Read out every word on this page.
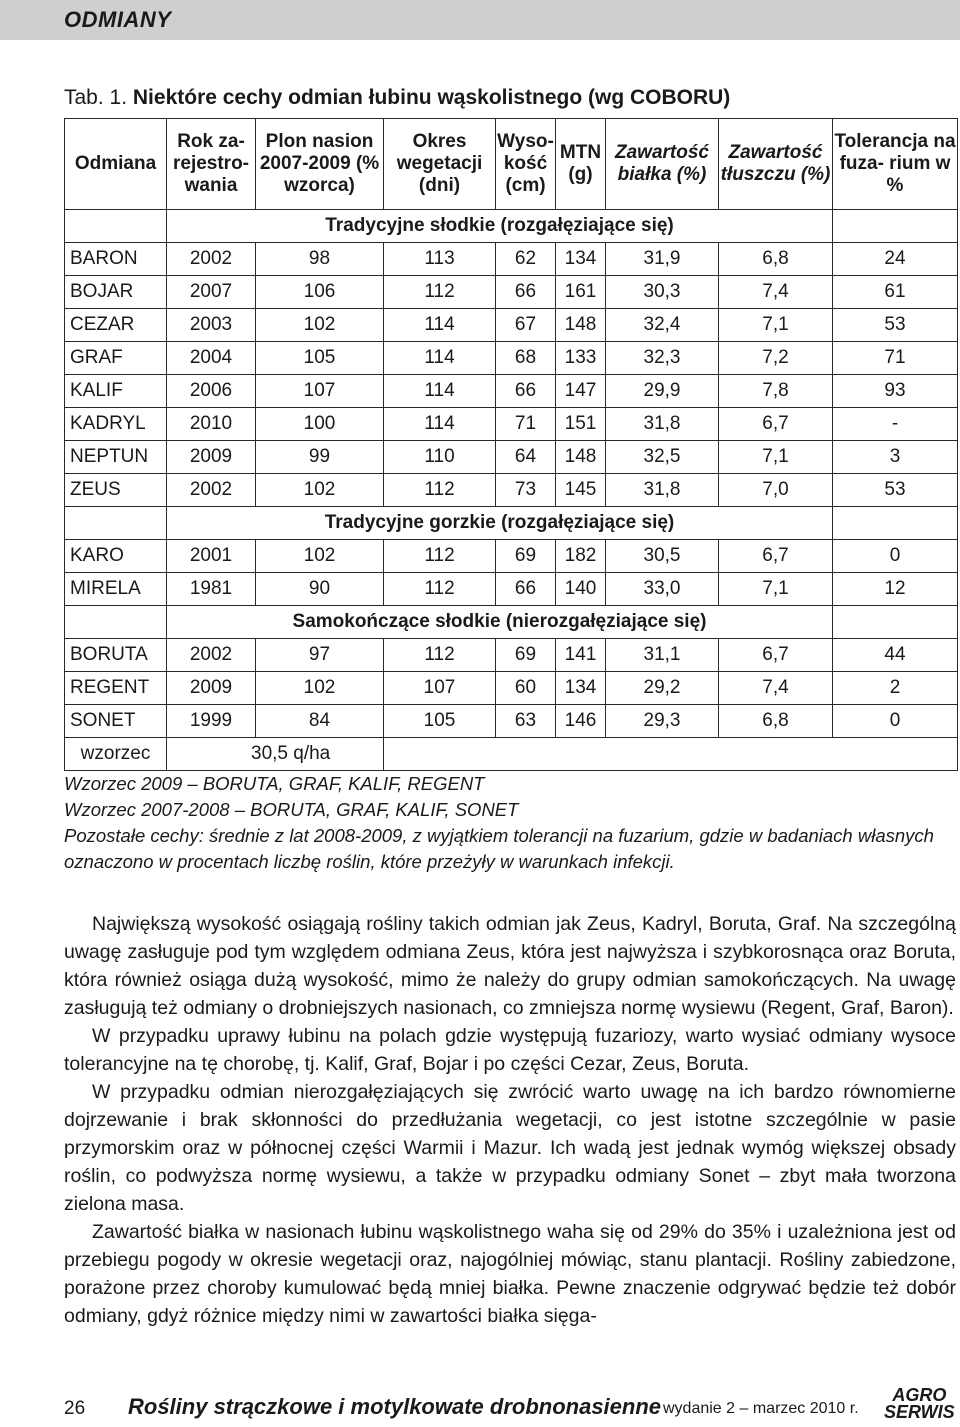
ODMIANY
Tab. 1. Niektóre cechy odmian łubinu wąskolistnego (wg COBORU)
Odmiana	Rok za- rejestro- wania	Plon nasion 2007-2009 (% wzorca)	Okres wegetacji (dni)	Wyso- kość (cm)	MTN (g)	Zawartość białka (%)	Zawartość tłuszczu (%)	Tolerancja na fuza- rium w %
	Tradycyjne słodkie (rozgałęziające się)							
BARON	2002	98	113	62	134	31,9	6,8	24
BOJAR	2007	106	112	66	161	30,3	7,4	61
CEZAR	2003	102	114	67	148	32,4	7,1	53
GRAF	2004	105	114	68	133	32,3	7,2	71
KALIF	2006	107	114	66	147	29,9	7,8	93
KADRYL	2010	100	114	71	151	31,8	6,7	-
NEPTUN	2009	99	110	64	148	32,5	7,1	3
ZEUS	2002	102	112	73	145	31,8	7,0	53
	Tradycyjne gorzkie (rozgałęziające się)							
KARO	2001	102	112	69	182	30,5	6,7	0
MIRELA	1981	90	112	66	140	33,0	7,1	12
	Samokończące słodkie (nierozgałęziające się)							
BORUTA	2002	97	112	69	141	31,1	6,7	44
REGENT	2009	102	107	60	134	29,2	7,4	2
SONET	1999	84	105	63	146	29,3	6,8	0
wzorzec	30,5 q/ha							
Wzorzec 2009 – BORUTA, GRAF, KALIF, REGENT
Wzorzec 2007-2008 – BORUTA, GRAF, KALIF, SONET
Pozostałe cechy: średnie z lat 2008-2009, z wyjątkiem tolerancji na fuzarium, gdzie w badaniach własnych oznaczono w procentach liczbę roślin, które przeżyły w warunkach infekcji.

Największą wysokość osiągają rośliny takich odmian jak Zeus, Kadryl, Boruta, Graf. Na szczególną uwagę zasługuje pod tym względem odmiana Zeus, która jest najwyższa i szybkorosnąca oraz Boruta, która również osiąga dużą wysokość, mimo że należy do grupy odmian samokończących. Na uwagę zasługują też odmiany o drobniejszych nasionach, co zmniejsza normę wysiewu (Regent, Graf, Baron).

W przypadku uprawy łubinu na polach gdzie występują fuzariozy, warto wysiać odmiany wysoce tolerancyjne na tę chorobę, tj. Kalif, Graf, Bojar i po części Cezar, Zeus, Boruta.

W przypadku odmian nierozgałęziających się zwrócić warto uwagę na ich bardzo równomierne dojrzewanie i brak skłonności do przedłużania wegetacji, co jest istotne szczególnie w pasie przymorskim oraz w północnej części Warmii i Mazur. Ich wadą jest jednak wymóg większej obsady roślin, co podwyższa normę wysiewu, a także w przypadku odmiany Sonet – zbyt mała tworzona zielona masa.

Zawartość białka w nasionach łubinu wąskolistnego waha się od 29% do 35% i uzależniona jest od przebiegu pogody w okresie wegetacji oraz, najogólniej mówiąc, stanu plantacji. Rośliny zabiedzone, porażone przez choroby kumulować będą mniej białka. Pewne znaczenie odgrywać będzie też dobór odmiany, gdyż różnice między nimi w zawartości białka sięga-

26 Rośliny strączkowe i motylkowate drobnonasienne wydanie 2 – marzec 2010 r.
AGRO
SERWIS
